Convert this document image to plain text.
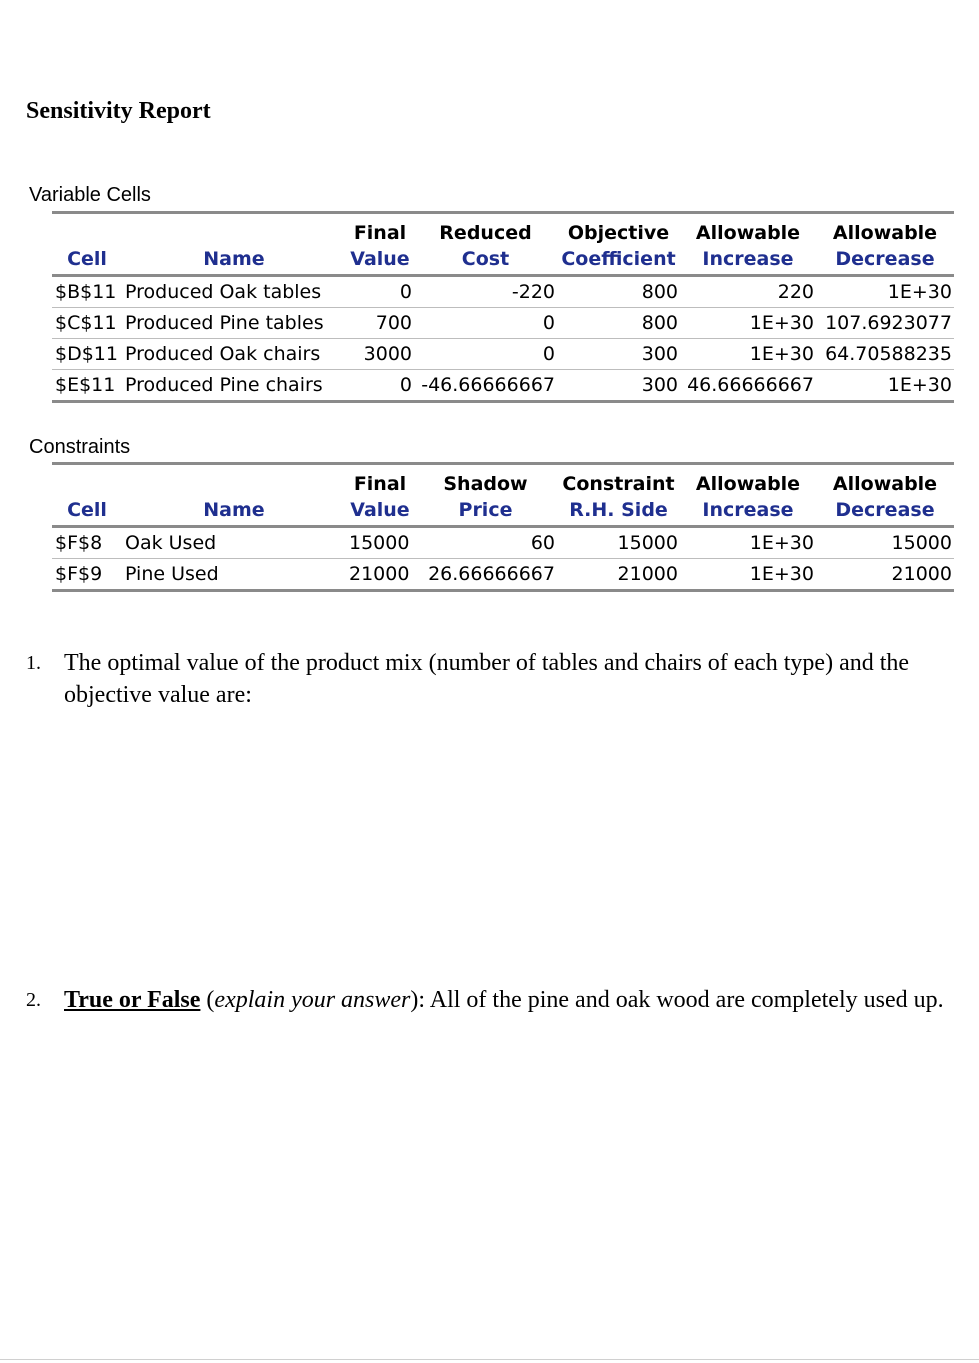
Sensitivity Report
Variable Cells
		Final	Reduced	Objective	Allowable	Allowable
Cell	Name	Value	Cost	Coefficient	Increase	Decrease
$B$11	Produced Oak tables	0	-220	800	220	1E+30
$C$11	Produced Pine tables	700	0	800	1E+30	107.6923077
$D$11	Produced Oak chairs	3000	0	300	1E+30	64.70588235
$E$11	Produced Pine chairs	0	-46.66666667	300	46.66666667	1E+30
Constraints
		Final	Shadow	Constraint	Allowable	Allowable
Cell	Name	Value	Price	R.H. Side	Increase	Decrease
$F$8	Oak Used	15000	60	15000	1E+30	15000
$F$9	Pine Used	21000	26.66666667	21000	1E+30	21000
1. The optimal value of the product mix (number of tables and chairs of each type) and the objective value are:
2. True or False (explain your answer): All of the pine and oak wood are completely used up.
